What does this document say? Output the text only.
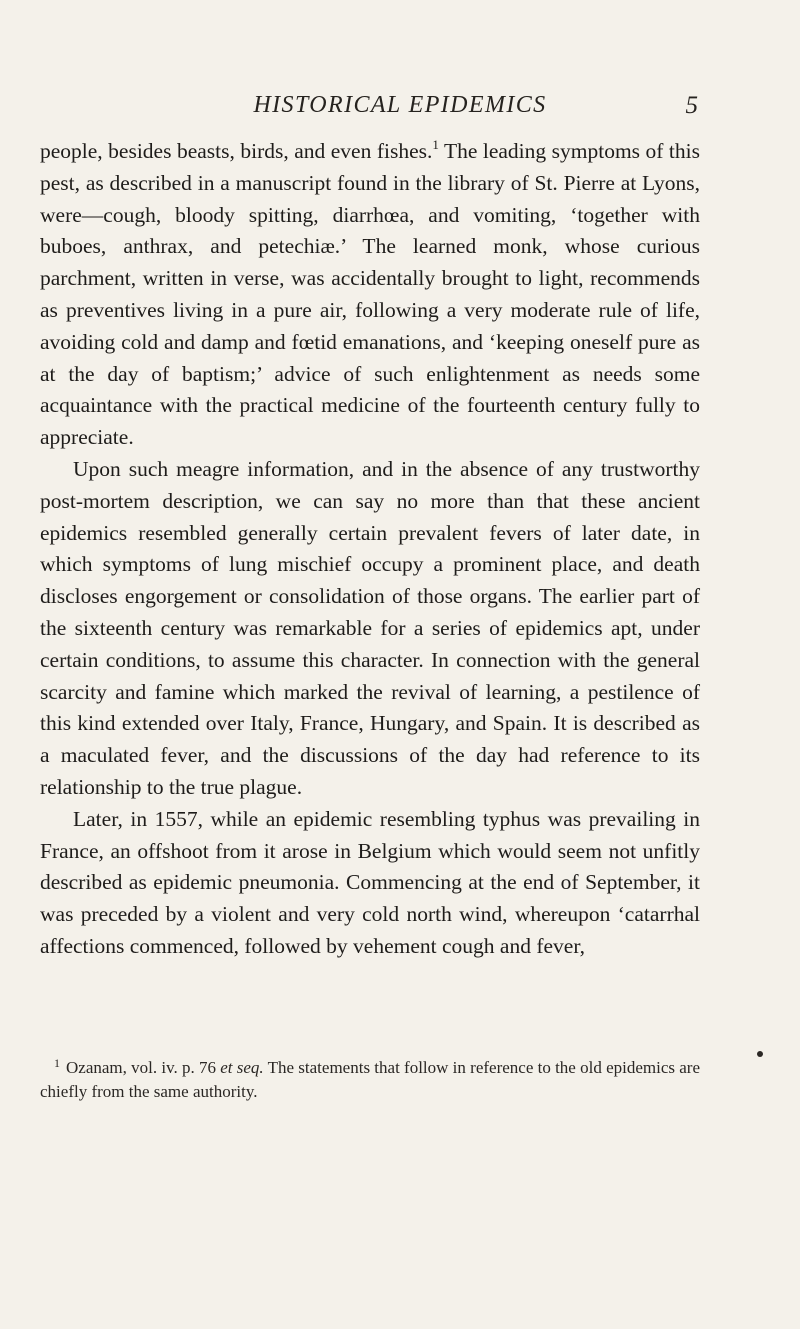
HISTORICAL EPIDEMICS	5

people, besides beasts, birds, and even fishes.$^1$ The leading symptoms of this pest, as described in a manuscript found in the library of St. Pierre at Lyons, were—cough, bloody spitting, diarrhœa, and vomiting, ‘together with buboes, anthrax, and petechiæ.’ The learned monk, whose curious parchment, written in verse, was accidentally brought to light, recommends as preventives living in a pure air, following a very moderate rule of life, avoiding cold and damp and fœtid emanations, and ‘keeping oneself pure as at the day of baptism;’ advice of such enlightenment as needs some acquaintance with the practical medicine of the fourteenth century fully to appreciate.

Upon such meagre information, and in the absence of any trustworthy post-mortem description, we can say no more than that these ancient epidemics resembled generally certain prevalent fevers of later date, in which symptoms of lung mischief occupy a prominent place, and death discloses engorgement or consolidation of those organs. The earlier part of the sixteenth century was remarkable for a series of epidemics apt, under certain conditions, to assume this character. In connection with the general scarcity and famine which marked the revival of learning, a pestilence of this kind extended over Italy, France, Hungary, and Spain. It is described as a maculated fever, and the discussions of the day had reference to its relationship to the true plague.

Later, in 1557, while an epidemic resembling typhus was prevailing in France, an offshoot from it arose in Belgium which would seem not unfitly described as epidemic pneumonia. Commencing at the end of September, it was preceded by a violent and very cold north wind, whereupon ‘catarrhal affections commenced, followed by vehement cough and fever,

$^1$ Ozanam, vol. iv. p. 76 et seq. The statements that follow in reference to the old epidemics are chiefly from the same authority.
